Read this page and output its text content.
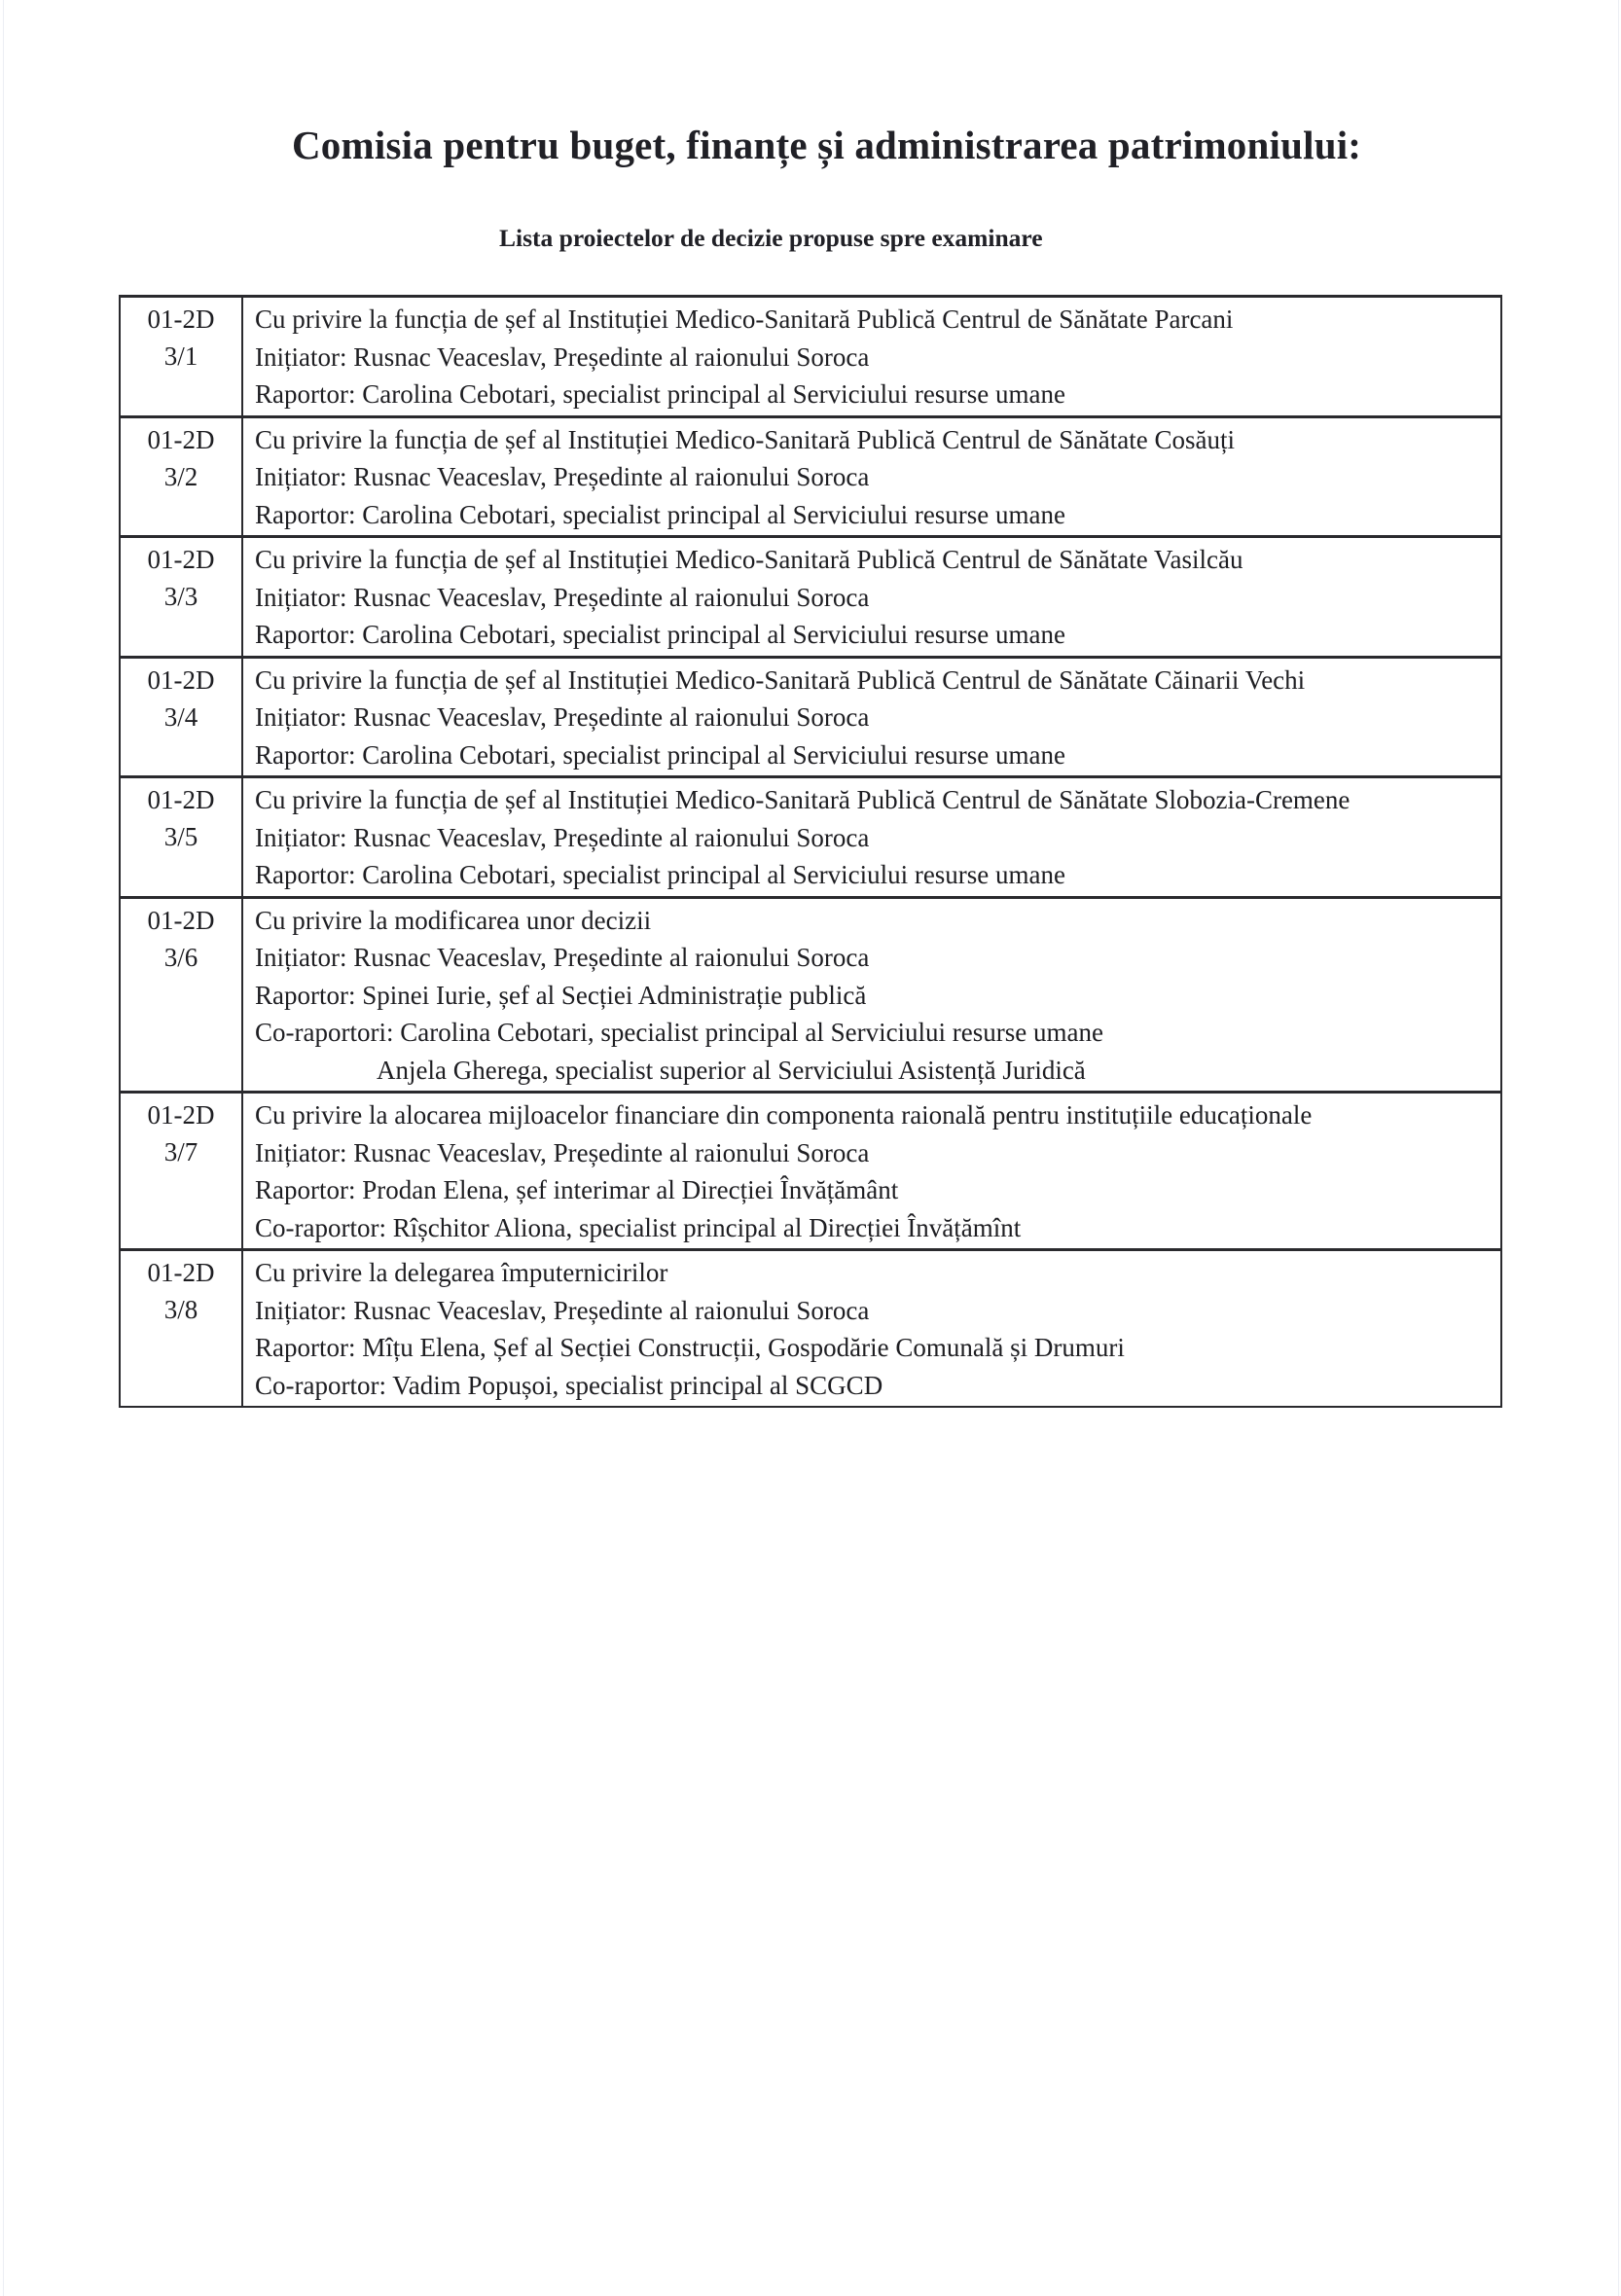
Comisia pentru buget, finanțe și administrarea patrimoniului:
Lista proiectelor de decizie propuse spre examinare
01-2D
3/1	Cu privire la funcția de șef al Instituției Medico-Sanitară Publică Centrul de Sănătate Parcani
Inițiator: Rusnac Veaceslav, Președinte al raionului Soroca
Raportor: Carolina Cebotari, specialist principal al Serviciului resurse umane

01-2D
3/2	Cu privire la funcția de șef al Instituției Medico-Sanitară Publică Centrul de Sănătate Cosăuți
Inițiator: Rusnac Veaceslav, Președinte al raionului Soroca
Raportor: Carolina Cebotari, specialist principal al Serviciului resurse umane

01-2D
3/3	Cu privire la funcția de șef al Instituției Medico-Sanitară Publică Centrul de Sănătate Vasilcău
Inițiator: Rusnac Veaceslav, Președinte al raionului Soroca
Raportor: Carolina Cebotari, specialist principal al Serviciului resurse umane

01-2D
3/4	Cu privire la funcția de șef al Instituției Medico-Sanitară Publică Centrul de Sănătate Căinarii Vechi
Inițiator: Rusnac Veaceslav, Președinte al raionului Soroca
Raportor: Carolina Cebotari, specialist principal al Serviciului resurse umane

01-2D
3/5	Cu privire la funcția de șef al Instituției Medico-Sanitară Publică Centrul de Sănătate Slobozia-Cremene
Inițiator: Rusnac Veaceslav, Președinte al raionului Soroca
Raportor: Carolina Cebotari, specialist principal al Serviciului resurse umane

01-2D
3/6	Cu privire la modificarea unor decizii
Inițiator: Rusnac Veaceslav, Președinte al raionului Soroca
Raportor: Spinei Iurie, șef al Secției Administrație publică
Co-raportori: Carolina Cebotari, specialist principal al Serviciului resurse umane
Anjela Gherega, specialist superior al Serviciului Asistență Juridică

01-2D
3/7	Cu privire la alocarea mijloacelor financiare din componenta raională pentru instituțiile educaționale
Inițiator: Rusnac Veaceslav, Președinte al raionului Soroca
Raportor: Prodan Elena, șef interimar al Direcției Învățământ
Co-raportor: Rîșchitor Aliona, specialist principal al Direcției Învățămînt

01-2D
3/8	Cu privire la delegarea împuternicirilor
Inițiator: Rusnac Veaceslav, Președinte al raionului Soroca
Raportor: Mîțu Elena, Șef al Secției Construcții, Gospodărie Comunală și Drumuri
Co-raportor: Vadim Popușoi, specialist principal al SCGCD
